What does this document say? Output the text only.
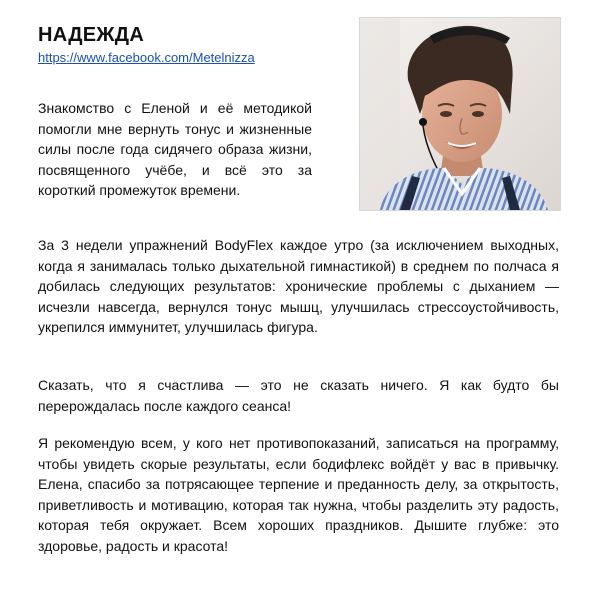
НАДЕЖДА
https://www.facebook.com/Metelnizza

Знакомство с Еленой и её методикой помогли мне вернуть тонус и жизненные силы после года сидячего образа жизни, посвященного учёбе, и всё это за короткий промежуток времени.

За 3 недели упражнений BodyFlex каждое утро (за исключением выходных, когда я занималась только дыхательной гимнастикой) в среднем по полчаса я добилась следующих результатов: хронические проблемы с дыханием — исчезли навсегда, вернулся тонус мышц, улучшилась стрессоустойчивость, укрепился иммунитет, улучшилась фигура.

Сказать, что я счастлива — это не сказать ничего. Я как будто бы перерождалась после каждого сеанса!

Я рекомендую всем, у кого нет противопоказаний, записаться на программу, чтобы увидеть скорые результаты, если бодифлекс войдёт у вас в привычку. Елена, спасибо за потрясающее терпение и преданность делу, за открытость, приветливость и мотивацию, которая так нужна, чтобы разделить эту радость, которая тебя окружает. Всем хороших праздников. Дышите глубже: это здоровье, радость и красота!
